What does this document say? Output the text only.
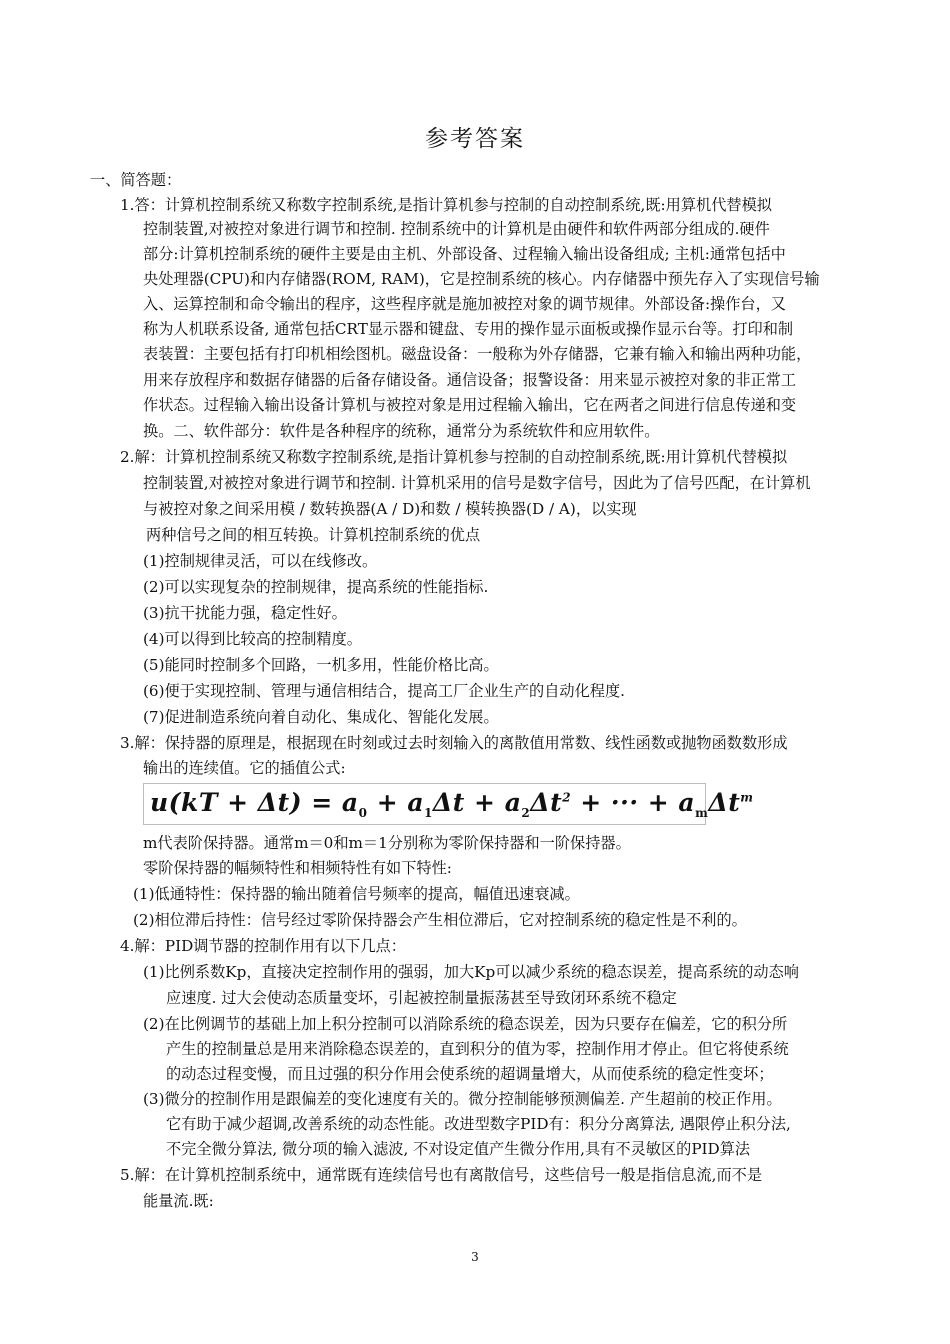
参考答案
一、简答题：
1.答：计算机控制系统又称数字控制系统,是指计算机参与控制的自动控制系统,既:用算机代替模拟
控制装置,对被控对象进行调节和控制. 控制系统中的计算机是由硬件和软件两部分组成的.硬件
部分:计算机控制系统的硬件主要是由主机、外部设备、过程输入输出设备组成; 主机:通常包括中
央处理器(CPU)和内存储器(ROM, RAM)，它是控制系统的核心。内存储器中预先存入了实现信号输
入、运算控制和命令输出的程序，这些程序就是施加被控对象的调节规律。外部设备:操作台，又
称为人机联系设备, 通常包括CRT显示器和键盘、专用的操作显示面板或操作显示台等。打印和制
表装置：主要包括有打印机相绘图机。磁盘设备：一般称为外存储器，它兼有输入和输出两种功能，
用来存放程序和数据存储器的后备存储设备。通信设备；报警设备：用来显示被控对象的非正常工
作状态。过程输入输出设备计算机与被控对象是用过程输入输出，它在两者之间进行信息传递和变
换。二、软件部分：软件是各种程序的统称，通常分为系统软件和应用软件。
2.解：计算机控制系统又称数字控制系统,是指计算机参与控制的自动控制系统,既:用计算机代替模拟
控制装置,对被控对象进行调节和控制. 计算机采用的信号是数字信号，因此为了信号匹配，在计算机
与被控对象之间采用模 / 数转换器(A / D)和数 / 模转换器(D / A)，以实现
两种信号之间的相互转换。计算机控制系统的优点
(1)控制规律灵活，可以在线修改。
(2)可以实现复杂的控制规律，提高系统的性能指标.
(3)抗干扰能力强，稳定性好。
(4)可以得到比较高的控制精度。
(5)能同时控制多个回路，一机多用，性能价格比高。
(6)便于实现控制、管理与通信相结合，提高工厂企业生产的自动化程度.
(7)促进制造系统向着自动化、集成化、智能化发展。
3.解：保持器的原理是，根据现在时刻或过去时刻输入的离散值用常数、线性函数或抛物函数数形成
输出的连续值。它的插值公式:
$u(kT + \Delta t) = a_0 + a_1\Delta t + a_2\Delta t^2$ + ··· + $a_m\Delta t^m$
m代表阶保持器。通常m＝0和m＝1分别称为零阶保持器和一阶保持器。
零阶保持器的幅频特性和相频特性有如下特性:
(1)低通特性：保持器的输出随着信号频率的提高，幅值迅速衰减。
(2)相位滞后持性：信号经过零阶保持器会产生相位滞后，它对控制系统的稳定性是不利的。
4.解：PID调节器的控制作用有以下几点：
(1)比例系数Kp，直接决定控制作用的强弱，加大Kp可以减少系统的稳态误差，提高系统的动态响
应速度. 过大会使动态质量变坏，引起被控制量振荡甚至导致闭环系统不稳定
(2)在比例调节的基础上加上积分控制可以消除系统的稳态误差，因为只要存在偏差，它的积分所
产生的控制量总是用来消除稳态误差的，直到积分的值为零，控制作用才停止。但它将使系统
的动态过程变慢，而且过强的积分作用会使系统的超调量增大，从而使系统的稳定性变坏；
(3)微分的控制作用是跟偏差的变化速度有关的。微分控制能够预测偏差. 产生超前的校正作用。
它有助于减少超调,改善系统的动态性能。改进型数字PID有：积分分离算法, 遇限停止积分法,
不完全微分算法, 微分项的输入滤波, 不对设定值产生微分作用,具有不灵敏区的PID算法
5.解：在计算机控制系统中，通常既有连续信号也有离散信号，这些信号一般是指信息流,而不是
能量流.既:
3
